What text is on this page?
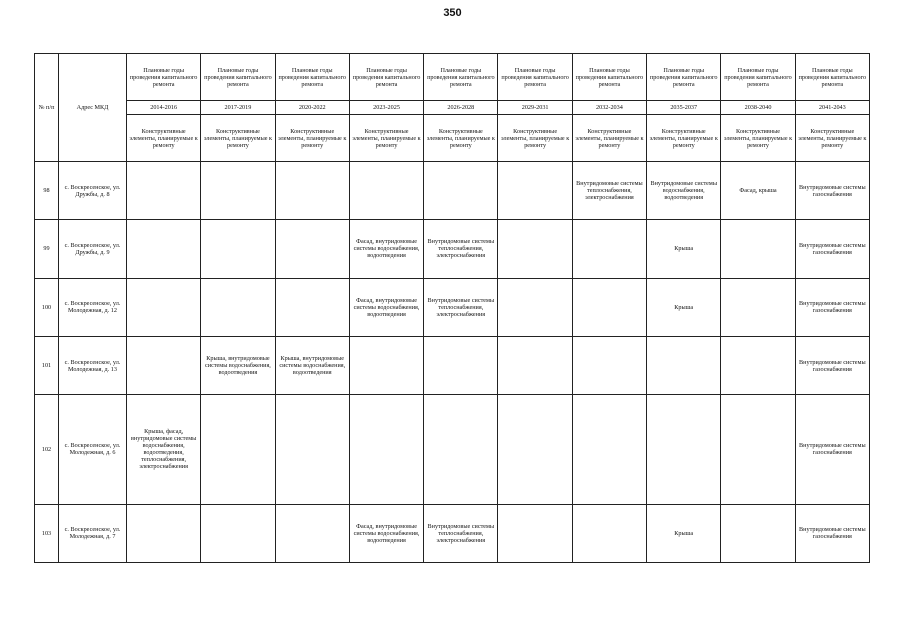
350
№ п/п	Адрес МКД	Плановые годы проведения капитального ремонта	Плановые годы проведения капитального ремонта	Плановые годы проведения капитального ремонта	Плановые годы проведения капитального ремонта	Плановые годы проведения капитального ремонта	Плановые годы проведения капитального ремонта	Плановые годы проведения капитального ремонта	Плановые годы проведения капитального ремонта	Плановые годы проведения капитального ремонта	Плановые годы проведения капитального ремонта
		2014-2016	2017-2019	2020-2022	2023-2025	2026-2028	2029-2031	2032-2034	2035-2037	2038-2040	2041-2043
		Конструктивные элементы, планируемые к ремонту	Конструктивные элементы, планируемые к ремонту	Конструктивные элементы, планируемые к ремонту	Конструктивные элементы, планируемые к ремонту	Конструктивные элементы, планируемые к ремонту	Конструктивные элементы, планируемые к ремонту	Конструктивные элементы, планируемые к ремонту	Конструктивные элементы, планируемые к ремонту	Конструктивные элементы, планируемые к ремонту	Конструктивные элементы, планируемые к ремонту
98	с. Воскресенское, ул. Дружбы, д. 8							Внутридомовые системы теплоснабжения, электроснабжения	Внутридомовые системы водоснабжения, водоотведения	Фасад, крыша	Внутридомовые системы газоснабжения
99	с. Воскресенское, ул. Дружбы, д. 9				Фасад, внутридомовые системы водоснабжения, водоотведения	Внутридомовые системы теплоснабжения, электроснабжения			Крыша		Внутридомовые системы газоснабжения
100	с. Воскресенское, ул. Молодежная, д. 12				Фасад, внутридомовые системы водоснабжения, водоотведения	Внутридомовые системы теплоснабжения, электроснабжения			Крыша		Внутридомовые системы газоснабжения
101	с. Воскресенское, ул. Молодежная, д. 13		Крыша, внутридомовые системы водоснабжения, водоотведения	Крыша, внутридомовые системы водоснабжения, водоотведения							Внутридомовые системы газоснабжения
102	с. Воскресенское, ул. Молодежная, д. 6	Крыша, фасад, внутридомовые системы водоснабжения, водоотведения, теплоснабжения, электроснабжения									Внутридомовые системы газоснабжения
103	с. Воскресенское, ул. Молодежная, д. 7				Фасад, внутридомовые системы водоснабжения, водоотведения	Внутридомовые системы теплоснабжения, электроснабжения			Крыша		Внутридомовые системы газоснабжения
